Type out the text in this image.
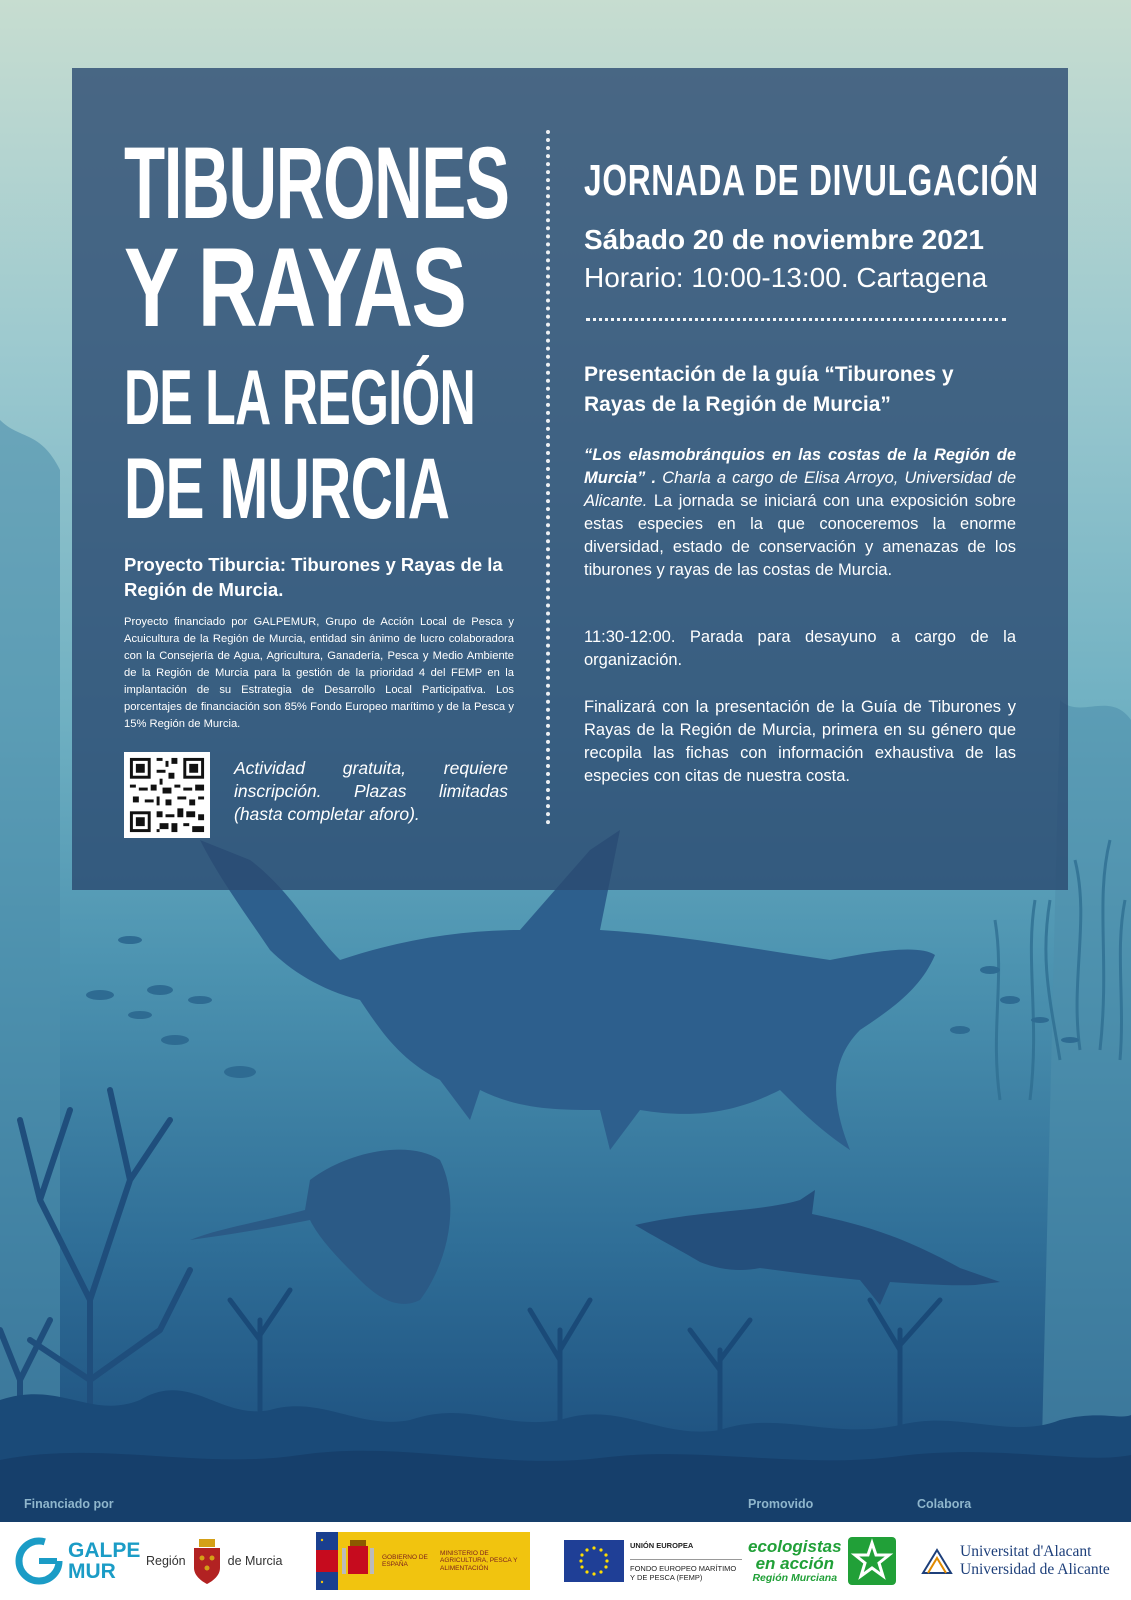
TIBURONES
Y RAYAS
DE LA REGIÓN
DE MURCIA
Proyecto Tiburcia: Tiburones y Rayas de la Región de Murcia.
Proyecto financiado por GALPEMUR, Grupo de Acción Local de Pesca y Acuicultura de la Región de Murcia, entidad sin ánimo de lucro colaboradora con la Consejería de Agua, Agricultura, Ganadería, Pesca y Medio Ambiente de la Región de Murcia para la gestión de la prioridad 4 del FEMP en la implantación de su Estrategia de Desarrollo Local Participativa. Los porcentajes de financiación son 85% Fondo Europeo marítimo y de la Pesca y 15% Región de Murcia.
Actividad gratuita, requiere inscripción. Plazas limitadas
(hasta completar aforo).
JORNADA DE DIVULGACIÓN
Sábado 20 de noviembre 2021
Horario: 10:00-13:00. Cartagena
Presentación de la guía “Tiburones y Rayas de la Región de Murcia”
“Los elasmobránquios en las costas de la Región de Murcia” . Charla a cargo de Elisa Arroyo, Universidad de Alicante. La jornada se iniciará con una exposición sobre estas especies en la que conoceremos la enorme diversidad, estado de conservación y amenazas de los tiburones y rayas de las costas de Murcia.
11:30-12:00. Parada para desayuno a cargo de la organización.
Finalizará con la presentación de la Guía de Tiburones y Rayas de la Región de Murcia, primera en su género que recopila las fichas con información exhaustiva de las especies con citas de nuestra costa.
Financiado por	Promovido	Colabora
GALPE
MUR	Región	de Murcia	GOBIERNO DE ESPAÑA
MINISTERIO DE AGRICULTURA, PESCA Y ALIMENTACIÓN
UNIÓN EUROPEA
FONDO EUROPEO MARÍTIMO Y DE PESCA (FEMP)
ecologistas
en acción
Región Murciana
Universitat d'Alacant
Universidad de Alicante
